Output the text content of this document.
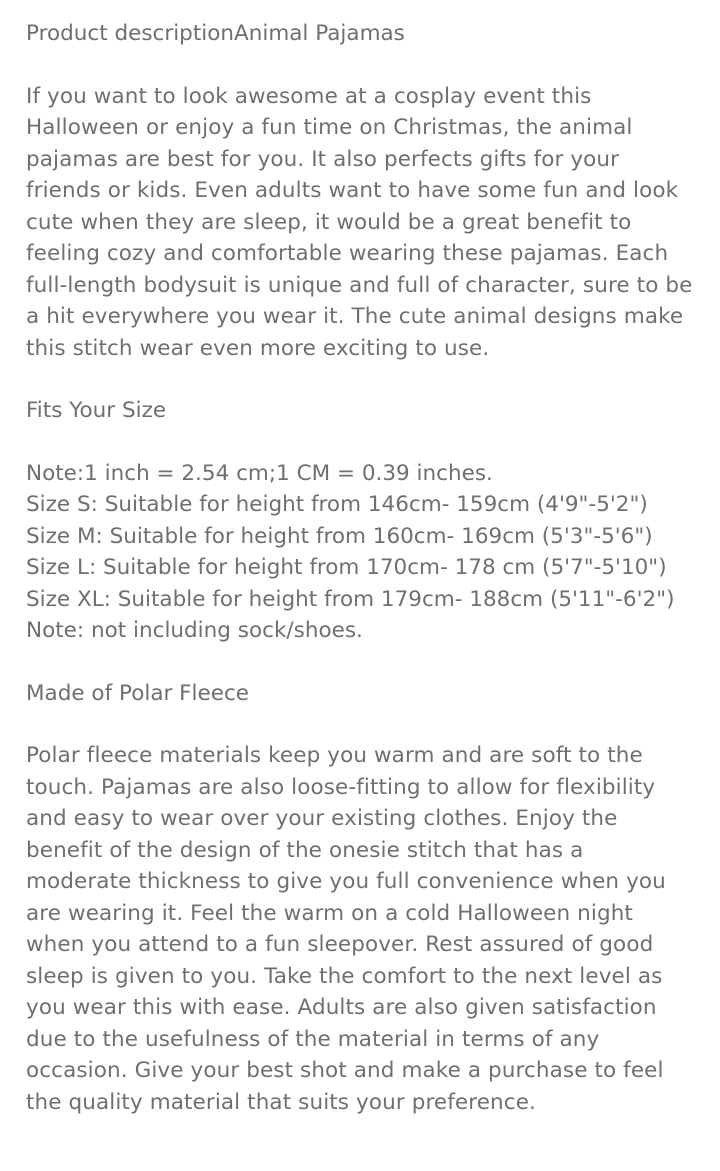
Product descriptionAnimal Pajamas

If you want to look awesome at a cosplay event this Halloween or enjoy a fun time on Christmas, the animal pajamas are best for you. It also perfects gifts for your friends or kids. Even adults want to have some fun and look cute when they are sleep, it would be a great benefit to feeling cozy and comfortable wearing these pajamas. Each full-length bodysuit is unique and full of character, sure to be a hit everywhere you wear it. The cute animal designs make this stitch wear even more exciting to use.

Fits Your Size

Note:1 inch = 2.54 cm;1 CM = 0.39 inches.

Size S: Suitable for height from 146cm- 159cm (4'9"-5'2")

Size M: Suitable for height from 160cm- 169cm (5'3"-5'6")

Size L: Suitable for height from 170cm- 178 cm (5'7"-5'10")

Size XL: Suitable for height from 179cm- 188cm (5'11"-6'2")

Note: not including sock/shoes.

Made of Polar Fleece

Polar fleece materials keep you warm and are soft to the touch. Pajamas are also loose-fitting to allow for flexibility and easy to wear over your existing clothes. Enjoy the benefit of the design of the onesie stitch that has a moderate thickness to give you full convenience when you are wearing it. Feel the warm on a cold Halloween night when you attend to a fun sleepover. Rest assured of good sleep is given to you. Take the comfort to the next level as you wear this with ease. Adults are also given satisfaction due to the usefulness of the material in terms of any occasion. Give your best shot and make a purchase to feel the quality material that suits your preference.
